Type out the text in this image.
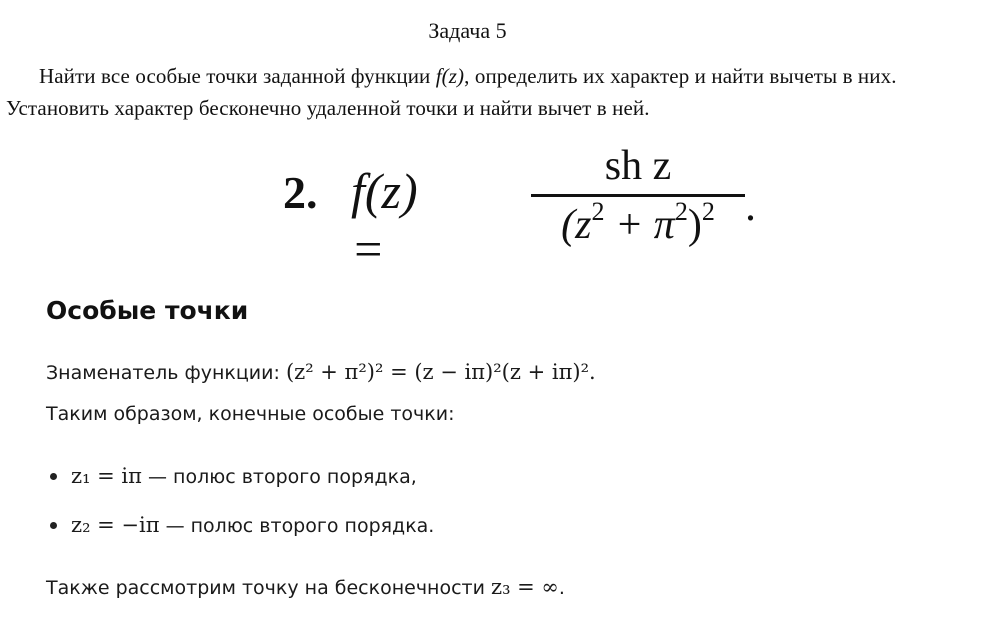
Задача 5
Найти все особые точки заданной функции f(z), определить их характер и найти вычеты в них. Установить характер бесконечно удаленной точки и найти вычет в ней.
2. f(z) =
sh z
$(z^2 + \pi^2)^2$ .
Особые точки
Знаменатель функции: (z² + π²)² = (z − iπ)²(z + iπ)².
Таким образом, конечные особые точки:
z₁ = iπ — полюс второго порядка,
z₂ = −iπ — полюс второго порядка.
Также рассмотрим точку на бесконечности z₃ = ∞.
